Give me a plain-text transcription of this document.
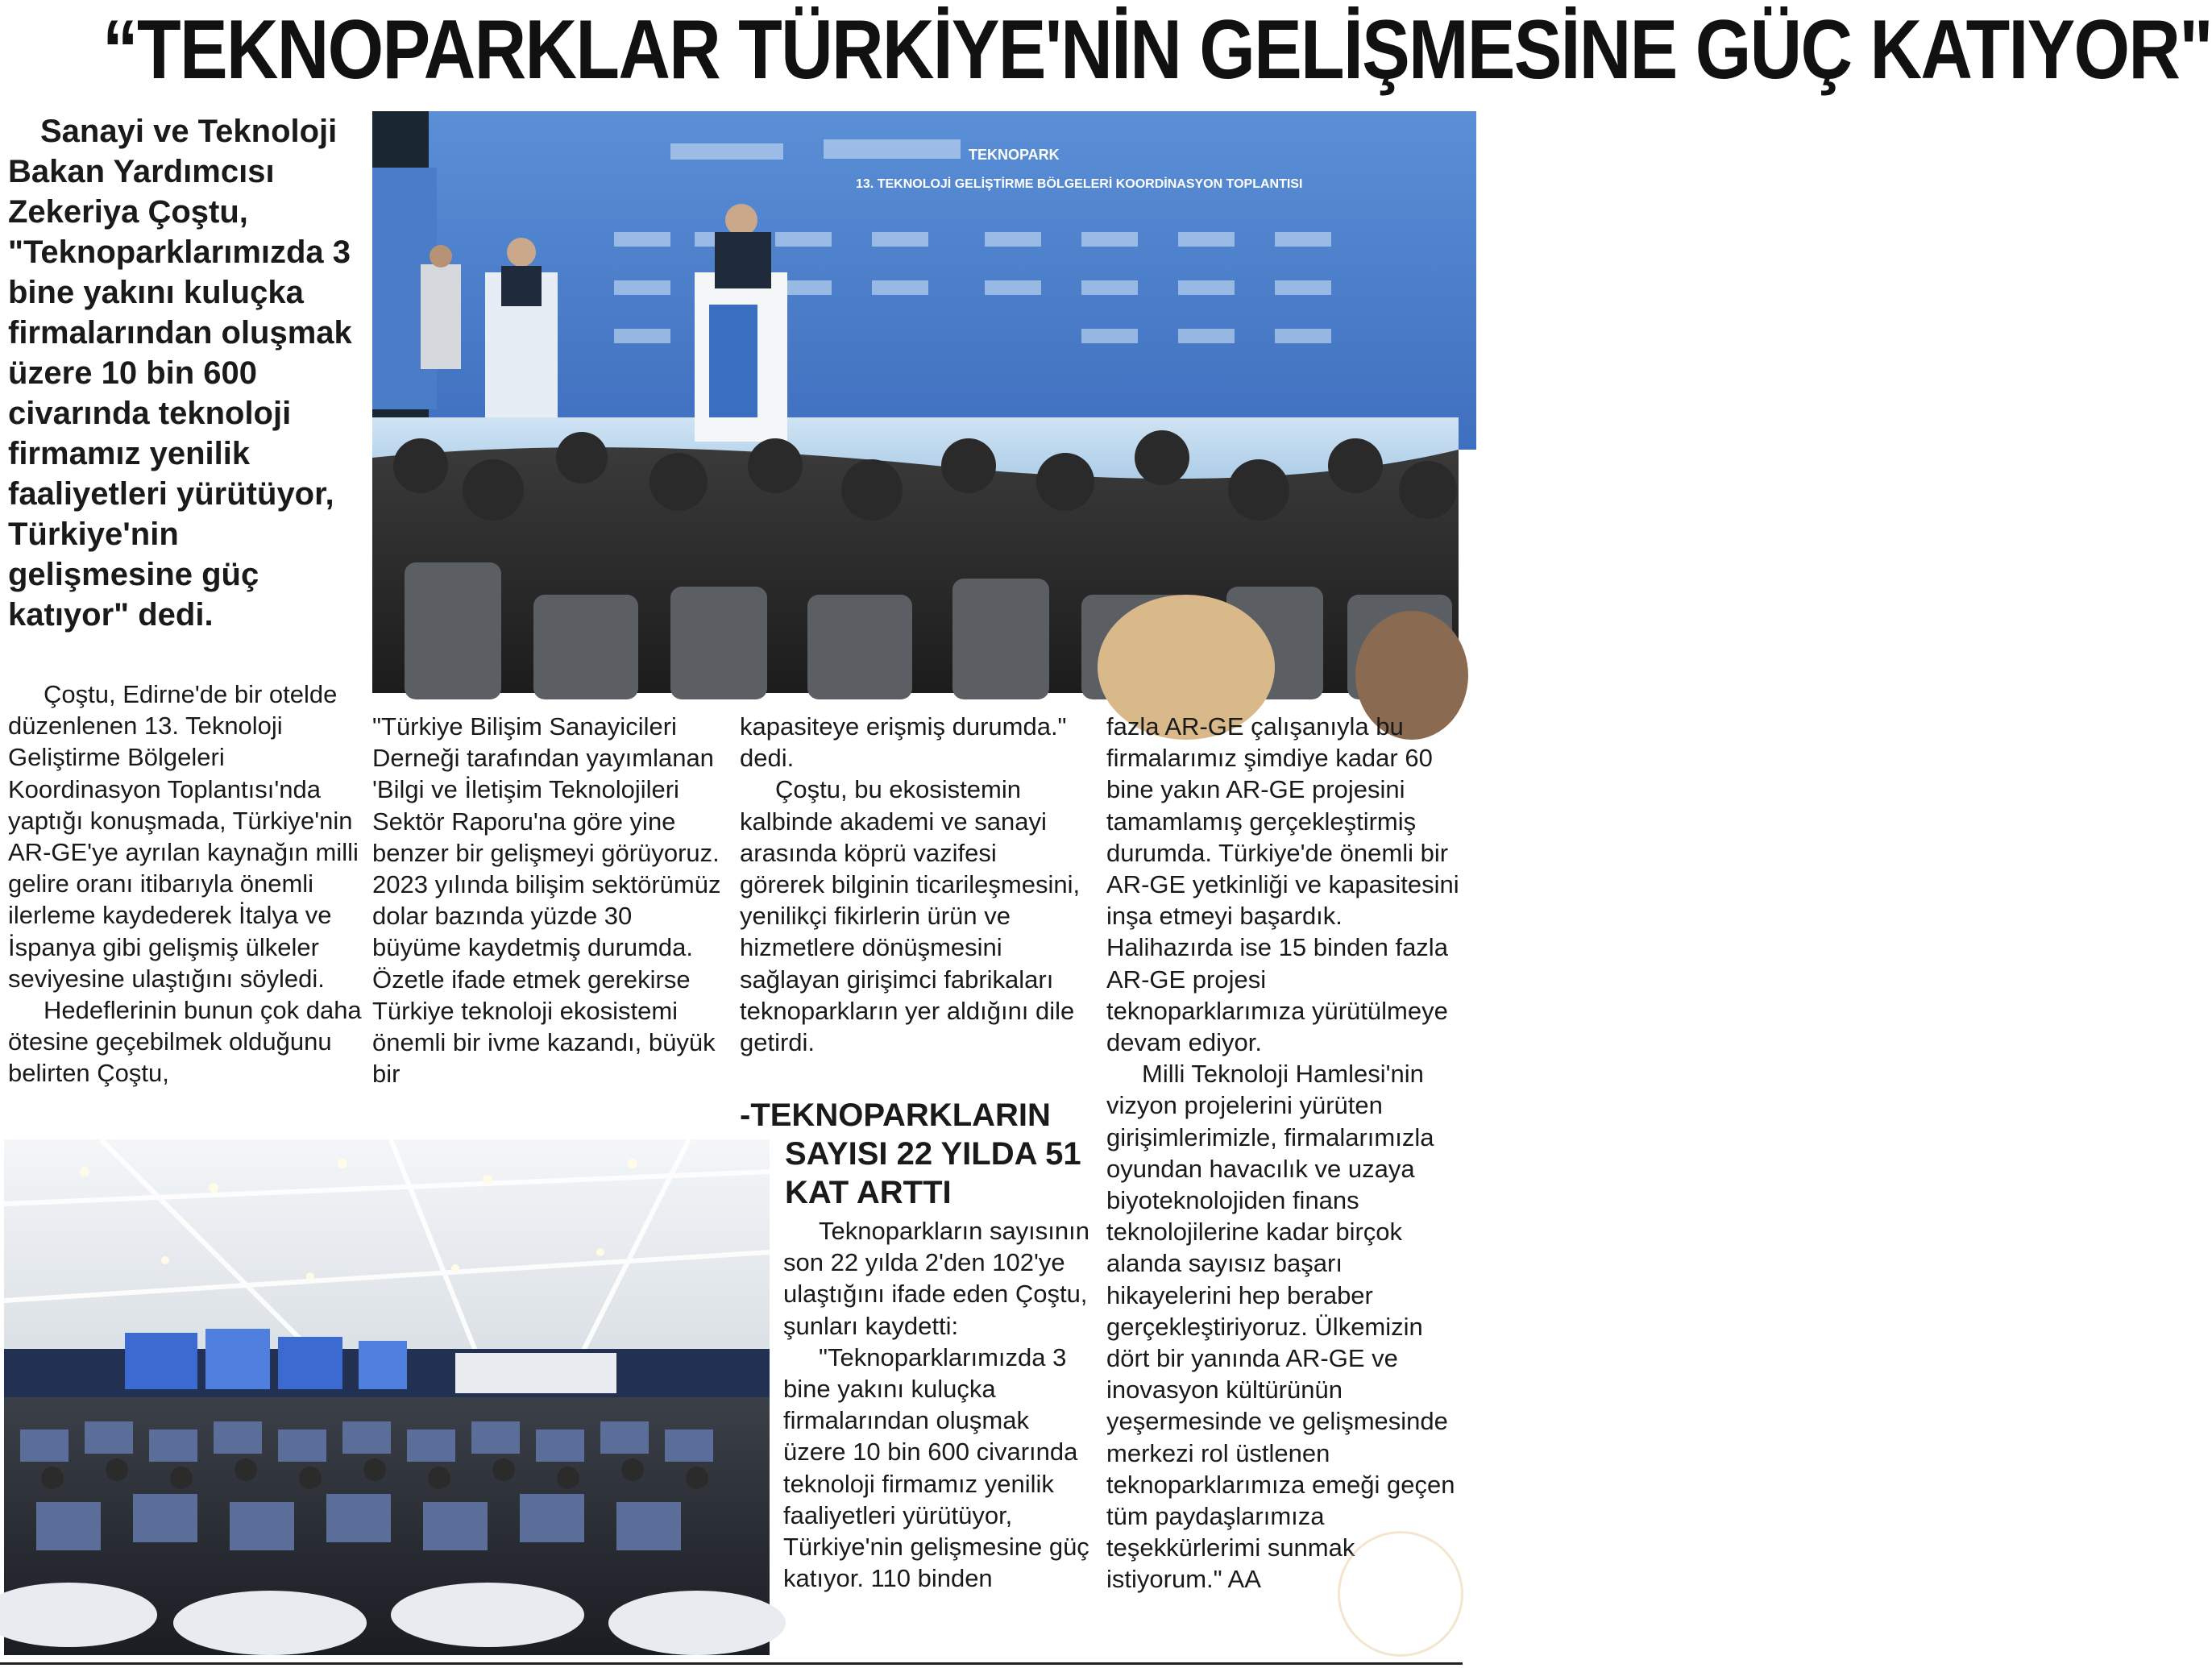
“TEKNOPARKLAR TÜRKİYE'NİN GELİŞMESİNE GÜÇ KATIYOR"

Sanayi ve Teknoloji Bakan Yardımcısı Zekeriya Çoştu, "Teknoparklarımızda 3 bine yakını kuluçka firmalarından oluşmak üzere 10 bin 600 civarında teknoloji firmamız yenilik faaliyetleri yürütüyor, Türkiye'nin gelişmesine güç katıyor" dedi.

13. TEKNOLOJİ GELİŞTİRME BÖLGELERİ KOORDİNASYON TOPLANTISI
TEKNOPARK

Çoştu, Edirne'de bir otelde düzenlenen 13. Teknoloji Geliştirme Bölgeleri Koordinasyon Toplantısı'nda yaptığı konuşmada, Türkiye'nin AR-GE'ye ayrılan kaynağın milli gelire oranı itibarıyla önemli ilerleme kaydederek İtalya ve İspanya gibi gelişmiş ülkeler seviyesine ulaştığını söyledi.

Hedeflerinin bunun çok daha ötesine geçebilmek olduğunu belirten Çoştu,

"Türkiye Bilişim Sanayicileri Derneği tarafından yayımlanan 'Bilgi ve İletişim Teknolojileri Sektör Raporu'na göre yine benzer bir gelişmeyi görüyoruz. 2023 yılında bilişim sektörümüz dolar bazında yüzde 30 büyüme kaydetmiş durumda. Özetle ifade etmek gerekirse Türkiye teknoloji ekosistemi önemli bir ivme kazandı, büyük bir

kapasiteye erişmiş durumda." dedi.

Çoştu, bu ekosistemin kalbinde akademi ve sanayi arasında köprü vazifesi görerek bilginin ticarileşmesini, yenilikçi fikirlerin ürün ve hizmetlere dönüşmesini sağlayan girişimci fabrikaları teknoparkların yer aldığını dile getirdi.

-TEKNOPARKLARIN
SAYISI 22 YILDA 51 KAT ARTTI

Teknoparkların sayısının son 22 yılda 2'den 102'ye ulaştığını ifade eden Çoştu, şunları kaydetti:

"Teknoparklarımızda 3 bine yakını kuluçka firmalarından oluşmak üzere 10 bin 600 civarında teknoloji firmamız yenilik faaliyetleri yürütüyor, Türkiye'nin gelişmesine güç katıyor. 110 binden

fazla AR-GE çalışanıyla bu firmalarımız şimdiye kadar 60 bine yakın AR-GE projesini tamamlamış gerçekleştirmiş durumda. Türkiye'de önemli bir AR-GE yetkinliği ve kapasitesini inşa etmeyi başardık. Halihazırda ise 15 binden fazla AR-GE projesi teknoparklarımıza yürütülmeye devam ediyor.

Milli Teknoloji Hamlesi'nin vizyon projelerini yürüten girişimlerimizle, firmalarımızla oyundan havacılık ve uzaya biyoteknolojiden finans teknolojilerine kadar birçok alanda sayısız başarı hikayelerini hep beraber gerçekleştiriyoruz. Ülkemizin dört bir yanında AR-GE ve inovasyon kültürünün yeşermesinde ve gelişmesinde merkezi rol üstlenen teknoparklarımıza emeği geçen tüm paydaşlarımıza teşekkürlerimi sunmak istiyorum." AA
